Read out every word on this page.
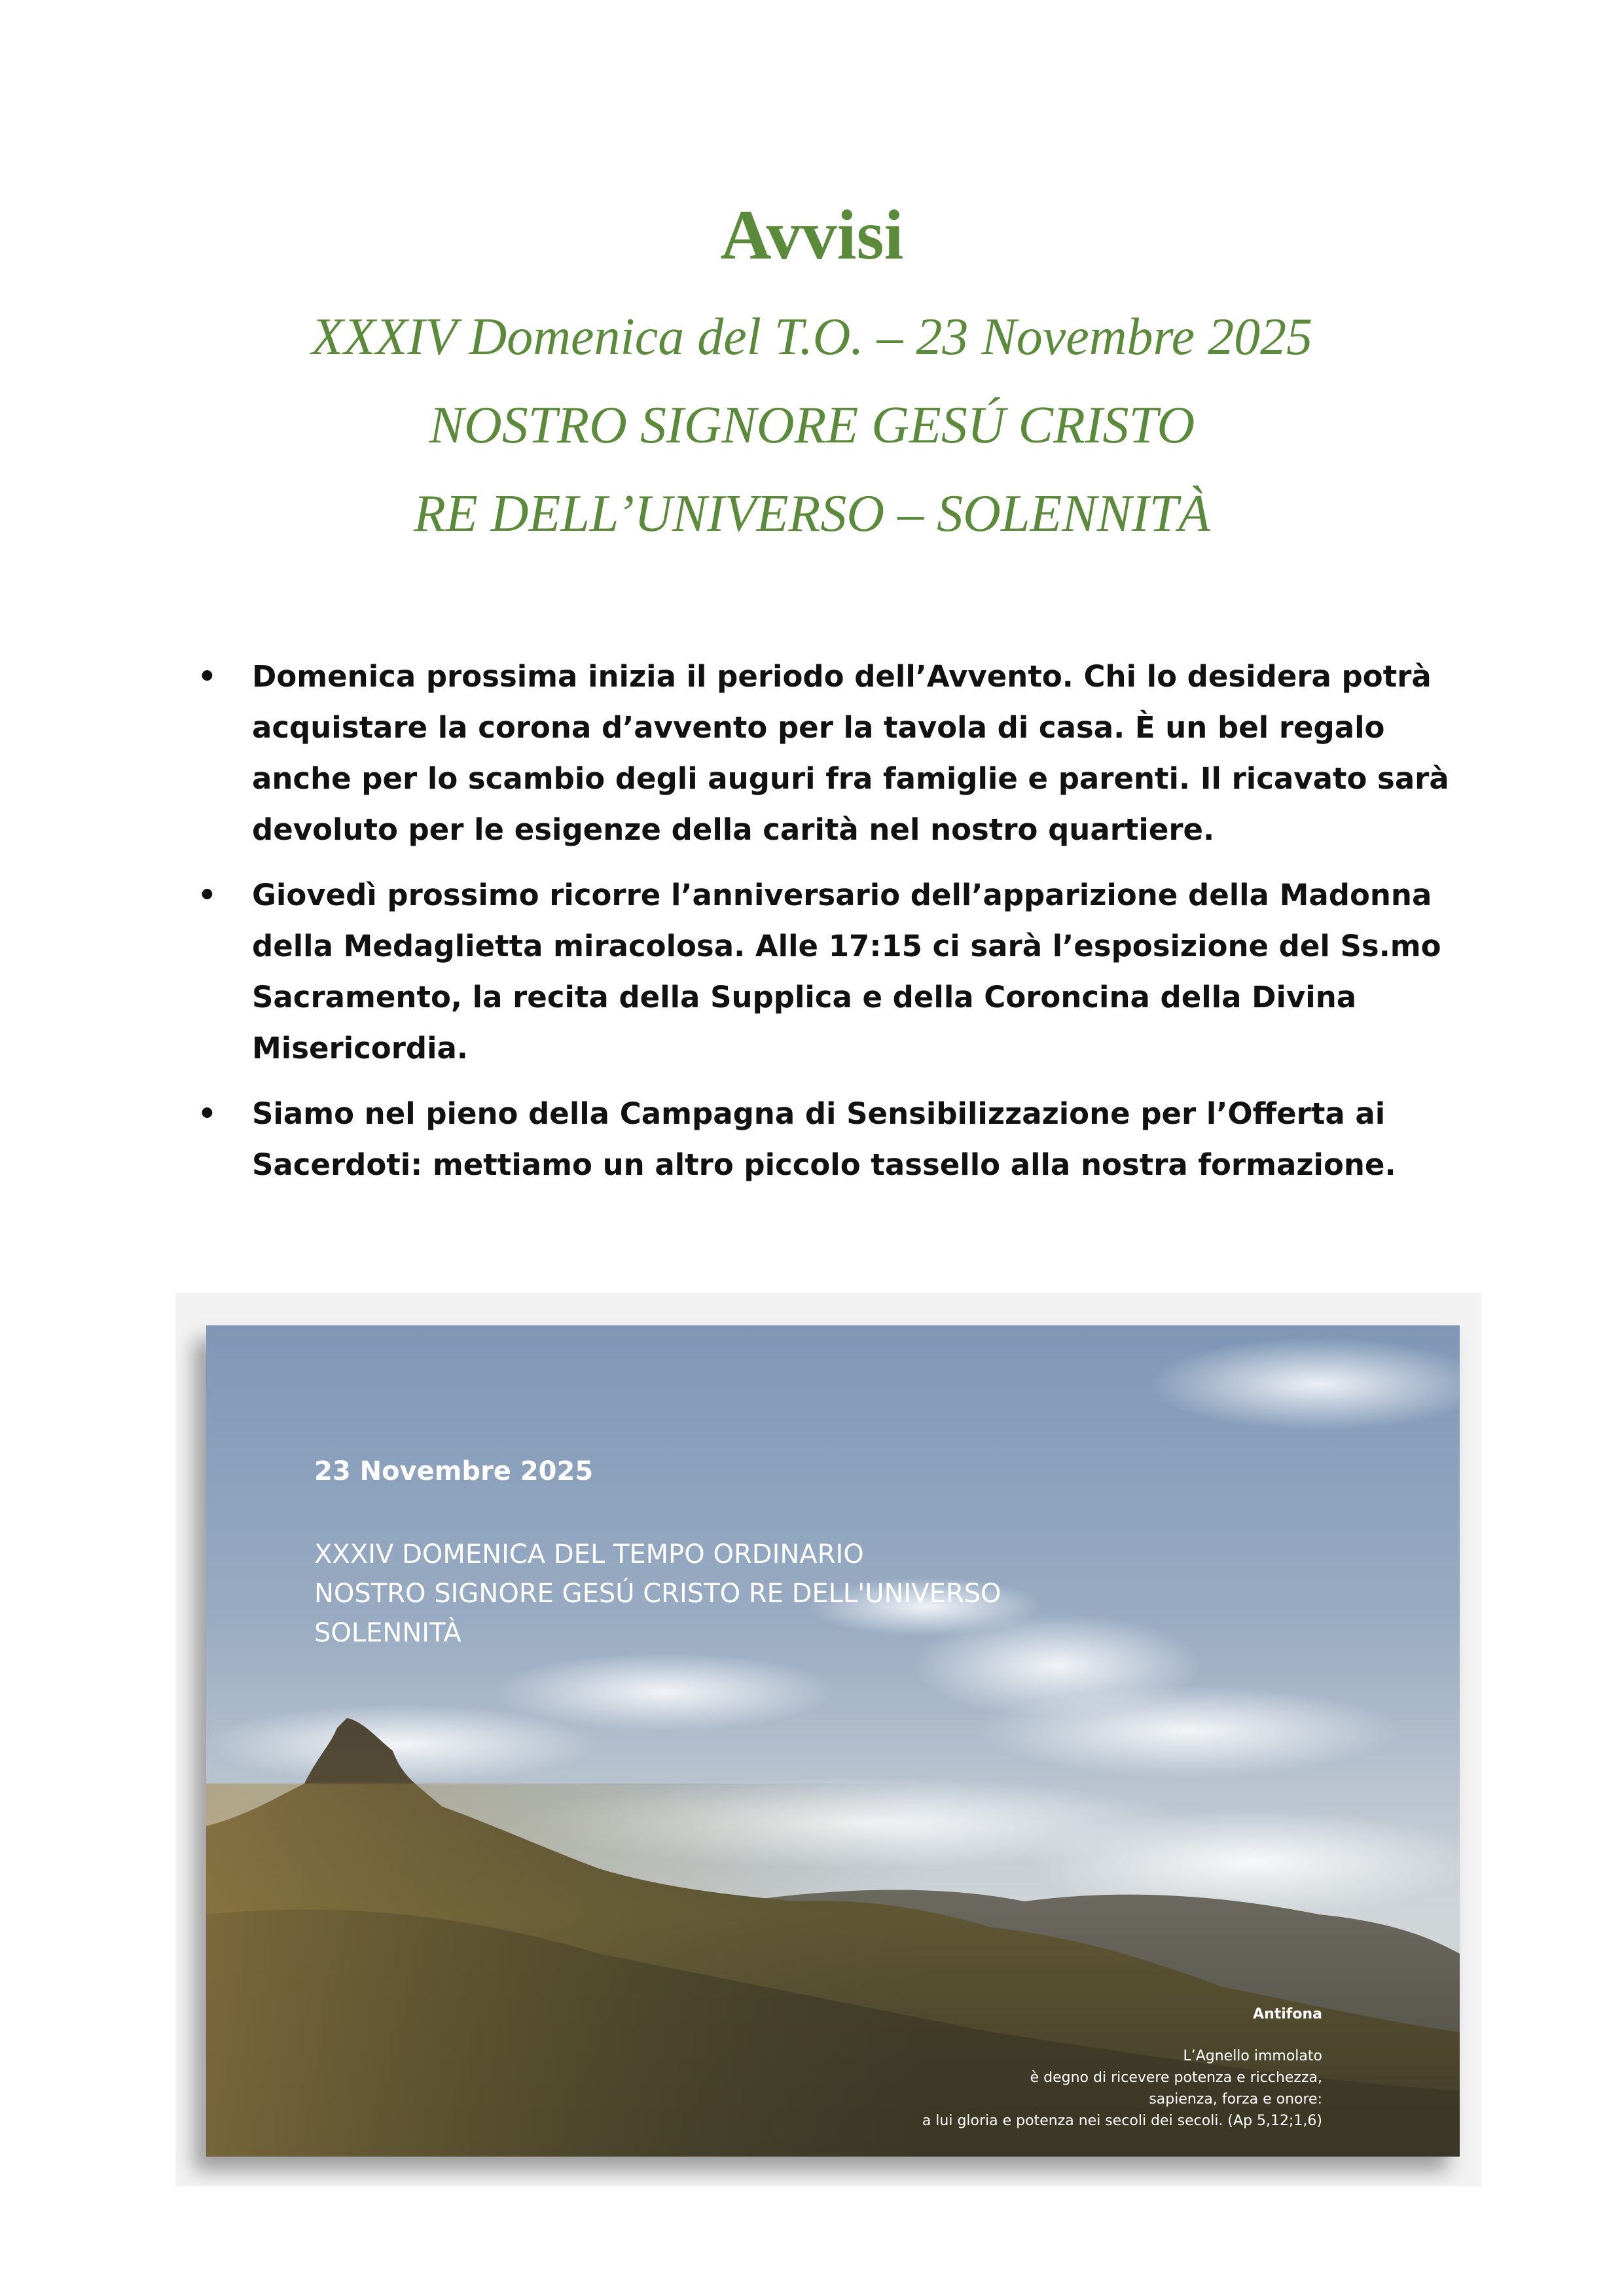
Avvisi
XXXIV Domenica del T.O. – 23 Novembre 2025
NOSTRO SIGNORE GESÚ CRISTO
RE DELL’UNIVERSO – SOLENNITÀ
• Domenica prossima inizia il periodo dell’Avvento. Chi lo desidera potrà acquistare la corona d’avvento per la tavola di casa. È un bel regalo anche per lo scambio degli auguri fra famiglie e parenti. Il ricavato sarà devoluto per le esigenze della carità nel nostro quartiere.
• Giovedì prossimo ricorre l’anniversario dell’apparizione della Madonna della Medaglietta miracolosa. Alle 17:15 ci sarà l’esposizione del Ss.mo Sacramento, la recita della Supplica e della Coroncina della Divina Misericordia.
• Siamo nel pieno della Campagna di Sensibilizzazione per l’Offerta ai Sacerdoti: mettiamo un altro piccolo tassello alla nostra formazione.
23 Novembre 2025
XXXIV DOMENICA DEL TEMPO ORDINARIO
NOSTRO SIGNORE GESÚ CRISTO RE DELL'UNIVERSO
SOLENNITÀ
Antifona
L’Agnello immolato
è degno di ricevere potenza e ricchezza,
sapienza, forza e onore:
a lui gloria e potenza nei secoli dei secoli. (Ap 5,12;1,6)
